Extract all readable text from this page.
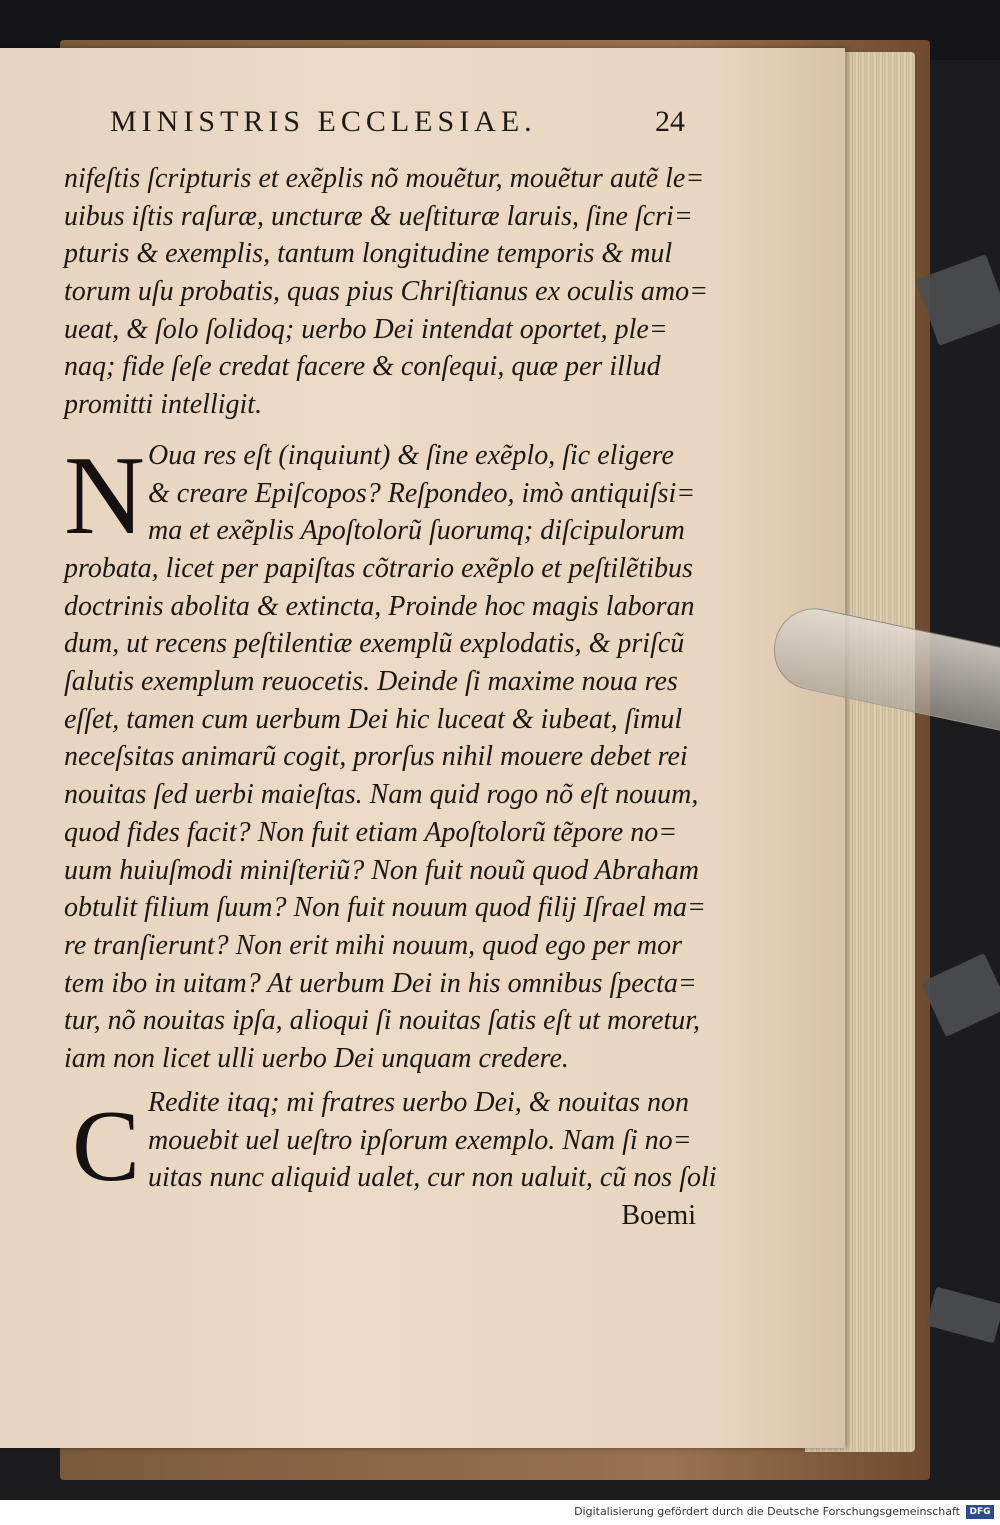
MINISTRIS ECCLESIAE.	24
nifeſtis ſcripturis et exẽplis nõ mouẽtur, mouẽtur autẽ le=
uibus iſtis raſuræ, uncturæ & ueſtituræ laruis, ſine ſcri=
pturis & exemplis, tantum longitudine temporis & mul
torum uſu probatis, quas pius Chriſtianus ex oculis amo=
ueat, & ſolo ſolidoq; uerbo Dei intendat oportet, ple=
naq; fide ſeſe credat facere & conſequi, quæ per illud
promitti intelligit.
N Oua res eſt (inquiunt) & ſine exẽplo, ſic eligere
& creare Epiſcopos? Reſpondeo, imò antiquiſsi=
ma et exẽplis Apoſtolorũ ſuorumq; diſcipulorum
probata, licet per papiſtas cõtrario exẽplo et peſtilẽtibus
doctrinis abolita & extincta, Proinde hoc magis laboran
dum, ut recens peſtilentiæ exemplũ explodatis, & priſcũ
ſalutis exemplum reuocetis. Deinde ſi maxime noua res
eſſet, tamen cum uerbum Dei hic luceat & iubeat, ſimul
neceſsitas animarũ cogit, prorſus nihil mouere debet rei
nouitas ſed uerbi maieſtas. Nam quid rogo nõ eſt nouum,
quod fides facit? Non fuit etiam Apoſtolorũ tẽpore no=
uum huiuſmodi miniſteriũ? Non fuit nouũ quod Abraham
obtulit filium ſuum? Non fuit nouum quod filij Iſrael ma=
re tranſierunt? Non erit mihi nouum, quod ego per mor
tem ibo in uitam? At uerbum Dei in his omnibus ſpecta=
tur, nõ nouitas ipſa, alioqui ſi nouitas ſatis eſt ut moretur,
iam non licet ulli uerbo Dei unquam credere.
C Redite itaq; mi fratres uerbo Dei, & nouitas non
mouebit uel ueſtro ipſorum exemplo. Nam ſi no=
uitas nunc aliquid ualet, cur non ualuit, cũ nos ſoli
Boemi
Digitalisierung gefördert durch die Deutsche Forschungsgemeinschaft	DFG
